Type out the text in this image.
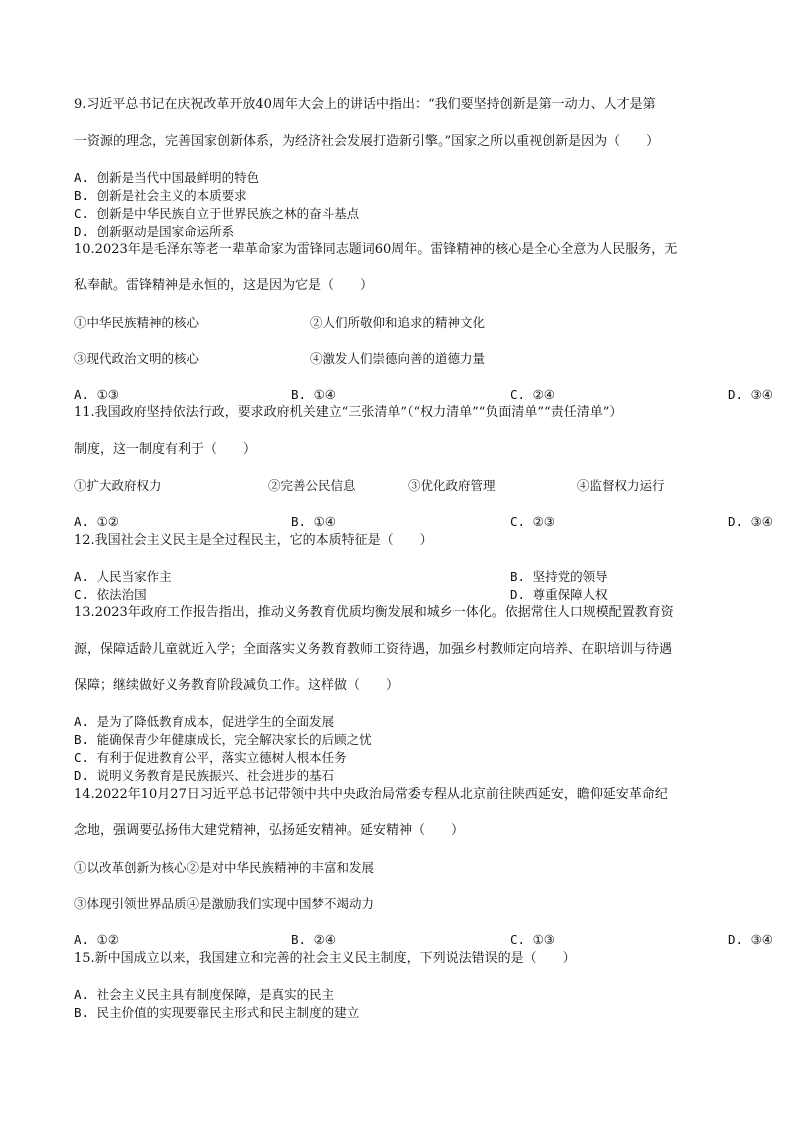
9.习近平总书记在庆祝改革开放40周年大会上的讲话中指出：“我们要坚持创新是第一动力、人才是第
一资源的理念，完善国家创新体系，为经济社会发展打造新引擎。”国家之所以重视创新是因为（　　）
A. 创新是当代中国最鲜明的特色
B. 创新是社会主义的本质要求
C. 创新是中华民族自立于世界民族之林的奋斗基点
D. 创新驱动是国家命运所系
10.2023年是毛泽东等老一辈革命家为雷锋同志题词60周年。雷锋精神的核心是全心全意为人民服务，无
私奉献。雷锋精神是永恒的，这是因为它是（　　）
①中华民族精神的核心	②人们所敬仰和追求的精神文化
③现代政治文明的核心	④激发人们崇德向善的道德力量
A. ①③	B. ①④	C. ②④	D. ③④
11.我国政府坚持依法行政，要求政府机关建立“三张清单”（“权力清单”“负面清单”“责任清单”）
制度，这一制度有利于（　　）
①扩大政府权力	②完善公民信息	③优化政府管理	④监督权力运行
A. ①②	B. ①④	C. ②③	D. ③④
12.我国社会主义民主是全过程民主，它的本质特征是（　　）
A. 人民当家作主	B. 坚持党的领导
C. 依法治国	D. 尊重保障人权
13.2023年政府工作报告指出，推动义务教育优质均衡发展和城乡一体化。依据常住人口规模配置教育资
源，保障适龄儿童就近入学；全面落实义务教育教师工资待遇，加强乡村教师定向培养、在职培训与待遇
保障；继续做好义务教育阶段减负工作。这样做（　　）
A. 是为了降低教育成本，促进学生的全面发展
B. 能确保青少年健康成长，完全解决家长的后顾之忧
C. 有利于促进教育公平，落实立德树人根本任务
D. 说明义务教育是民族振兴、社会进步的基石
14.2022年10月27日习近平总书记带领中共中央政治局常委专程从北京前往陕西延安，瞻仰延安革命纪
念地，强调要弘扬伟大建党精神，弘扬延安精神。延安精神（　　）
①以改革创新为核心②是对中华民族精神的丰富和发展
③体现引领世界品质④是激励我们实现中国梦不竭动力
A. ①②	B. ②④	C. ①③	D. ③④
15.新中国成立以来，我国建立和完善的社会主义民主制度，下列说法错误的是（　　）
A. 社会主义民主具有制度保障，是真实的民主
B. 民主价值的实现要靠民主形式和民主制度的建立
